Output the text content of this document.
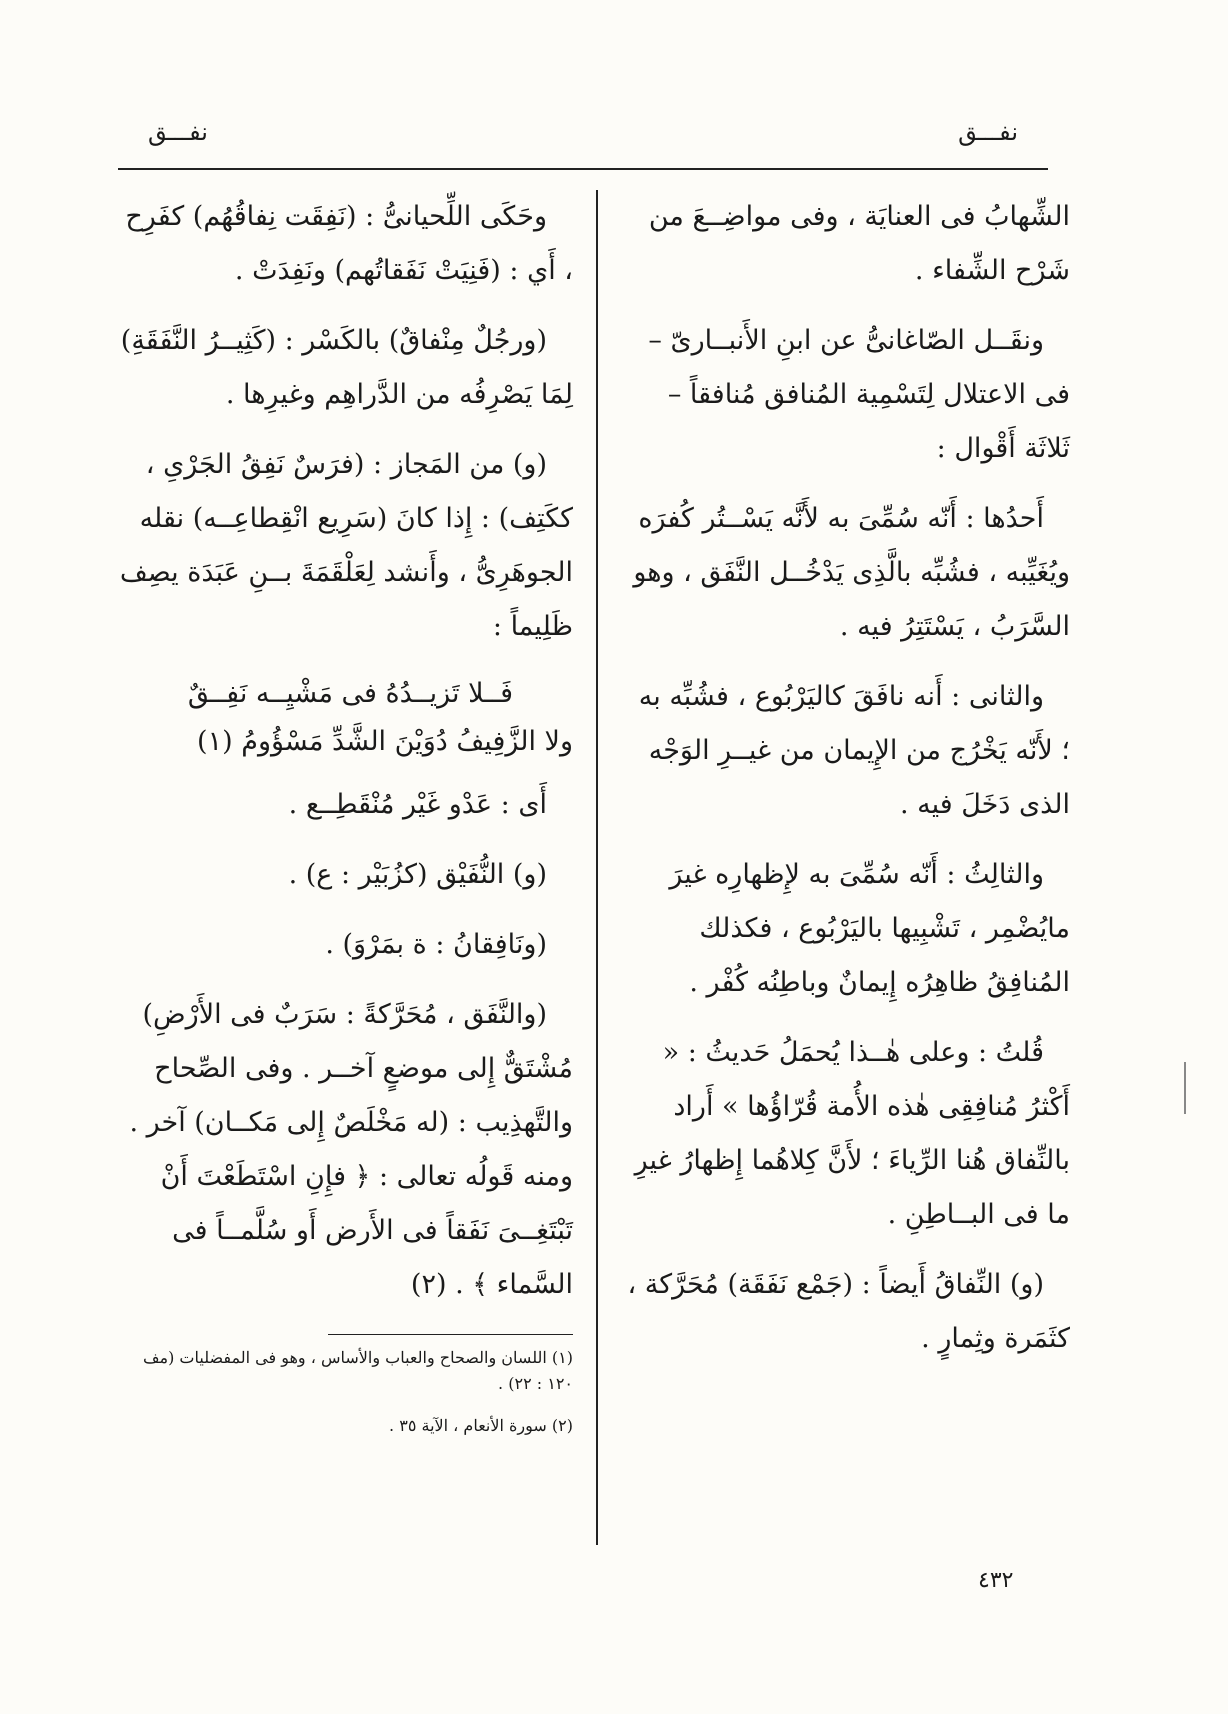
نفـــق
نفـــق

الشِّهابُ فى العنايَة ، وفى مواضِــعَ من شَرْح الشِّفاء .

ونقَــل الصّاغانىُّ عن ابنِ الأَنبــارىّ – فى الاعتلال لِتَسْمِية المُنافق مُنافقاً – ثَلاثَة أَقْوال :

أَحدُها : أَنّه سُمِّىَ به لأَنَّه يَسْــتُر كُفرَه ويُغَيِّبه ، فشُبِّه بالَّذِى يَدْخُــل النَّفَق ، وهو السَّرَبُ ، يَسْتَتِرُ فيه .

والثانى : أَنه نافَقَ كاليَرْبُوع ، فشُبِّه به ؛ لأَنّه يَخْرُج من الإِيمان من غيــرِ الوَجْه الذى دَخَلَ فيه .

والثالِثُ : أَنّه سُمِّىَ به لإِظهارِه غيرَ مايُضْمِر ، تَشْبِيها باليَرْبُوع ، فكذلك المُنافِقُ ظاهِرُه إِيمانٌ وباطِنُه كُفْر .

قُلتُ : وعلى هٰــذا يُحمَلُ حَديثُ : « أَكْثرُ مُنافِقِى هٰذه الأُمة قُرّاؤُها » أَراد بالنِّفاق هُنا الرِّياءَ ؛ لأَنَّ كِلاهُما إِظهارُ غيرِ ما فى البــاطِنِ .

(و) النِّفاقُ أَيضاً : (جَمْع نَفَقَة) مُحَرَّكة ، كثَمَرة وثِمارٍ .

وحَكَى اللِّحيانىُّ : (نَفِقَت نِفاقُهُم) كفَرِح ، أَي : (فَنِيَتْ نَفَقاتُهم) ونَفِدَتْ .

(ورجُلٌ مِنْفاقٌ) بالكَسْر : (كَثِيــرُ النَّفَقَةِ) لِمَا يَصْرِفُه من الدَّراهِم وغيرِها .

(و) من المَجاز : (فرَسٌ نَفِقُ الجَرْىِ ، ككَتِف) : إِذا كانَ (سَرِيع انْقِطاعِــه) نقله الجوهَرِىُّ ، وأَنشد لِعَلْقَمَةَ بــنِ عَبَدَة يصِف ظَلِيماً :

فَــلا تَزيــدُهُ فى مَشْيِــه نَفِــقٌ
ولا الزَّفِيفُ دُوَيْنَ الشَّدِّ مَسْؤُومُ (١)

أَى : عَدْو غَيْر مُنْقَطِــع .

(و) النُّفَيْق (كزُبَيْر : ع) .

(ونَافِقانُ : ة بمَرْوَ) .

(والنَّفَق ، مُحَرَّكةً : سَرَبٌ فى الأَرْضِ) مُشْتَقٌّ إِلى موضعٍ آخــر . وفى الصِّحاح والتَّهذِيب : (له مَخْلَصٌ إِلى مَكــان) آخر . ومنه قَولُه تعالى : ﴿ فإِنِ اسْتَطَعْتَ أَنْ تَبْتَغِــىَ نَفَقاً فى الأَرض أَو سُلَّمــاً فى السَّماء ﴾ . (٢)

(١) اللسان والصحاح والعباب والأساس ، وهو فى المفضليات (مف ١٢٠ : ٢٢) .

(٢) سورة الأنعام ، الآية ٣٥ .

٤٣٢
